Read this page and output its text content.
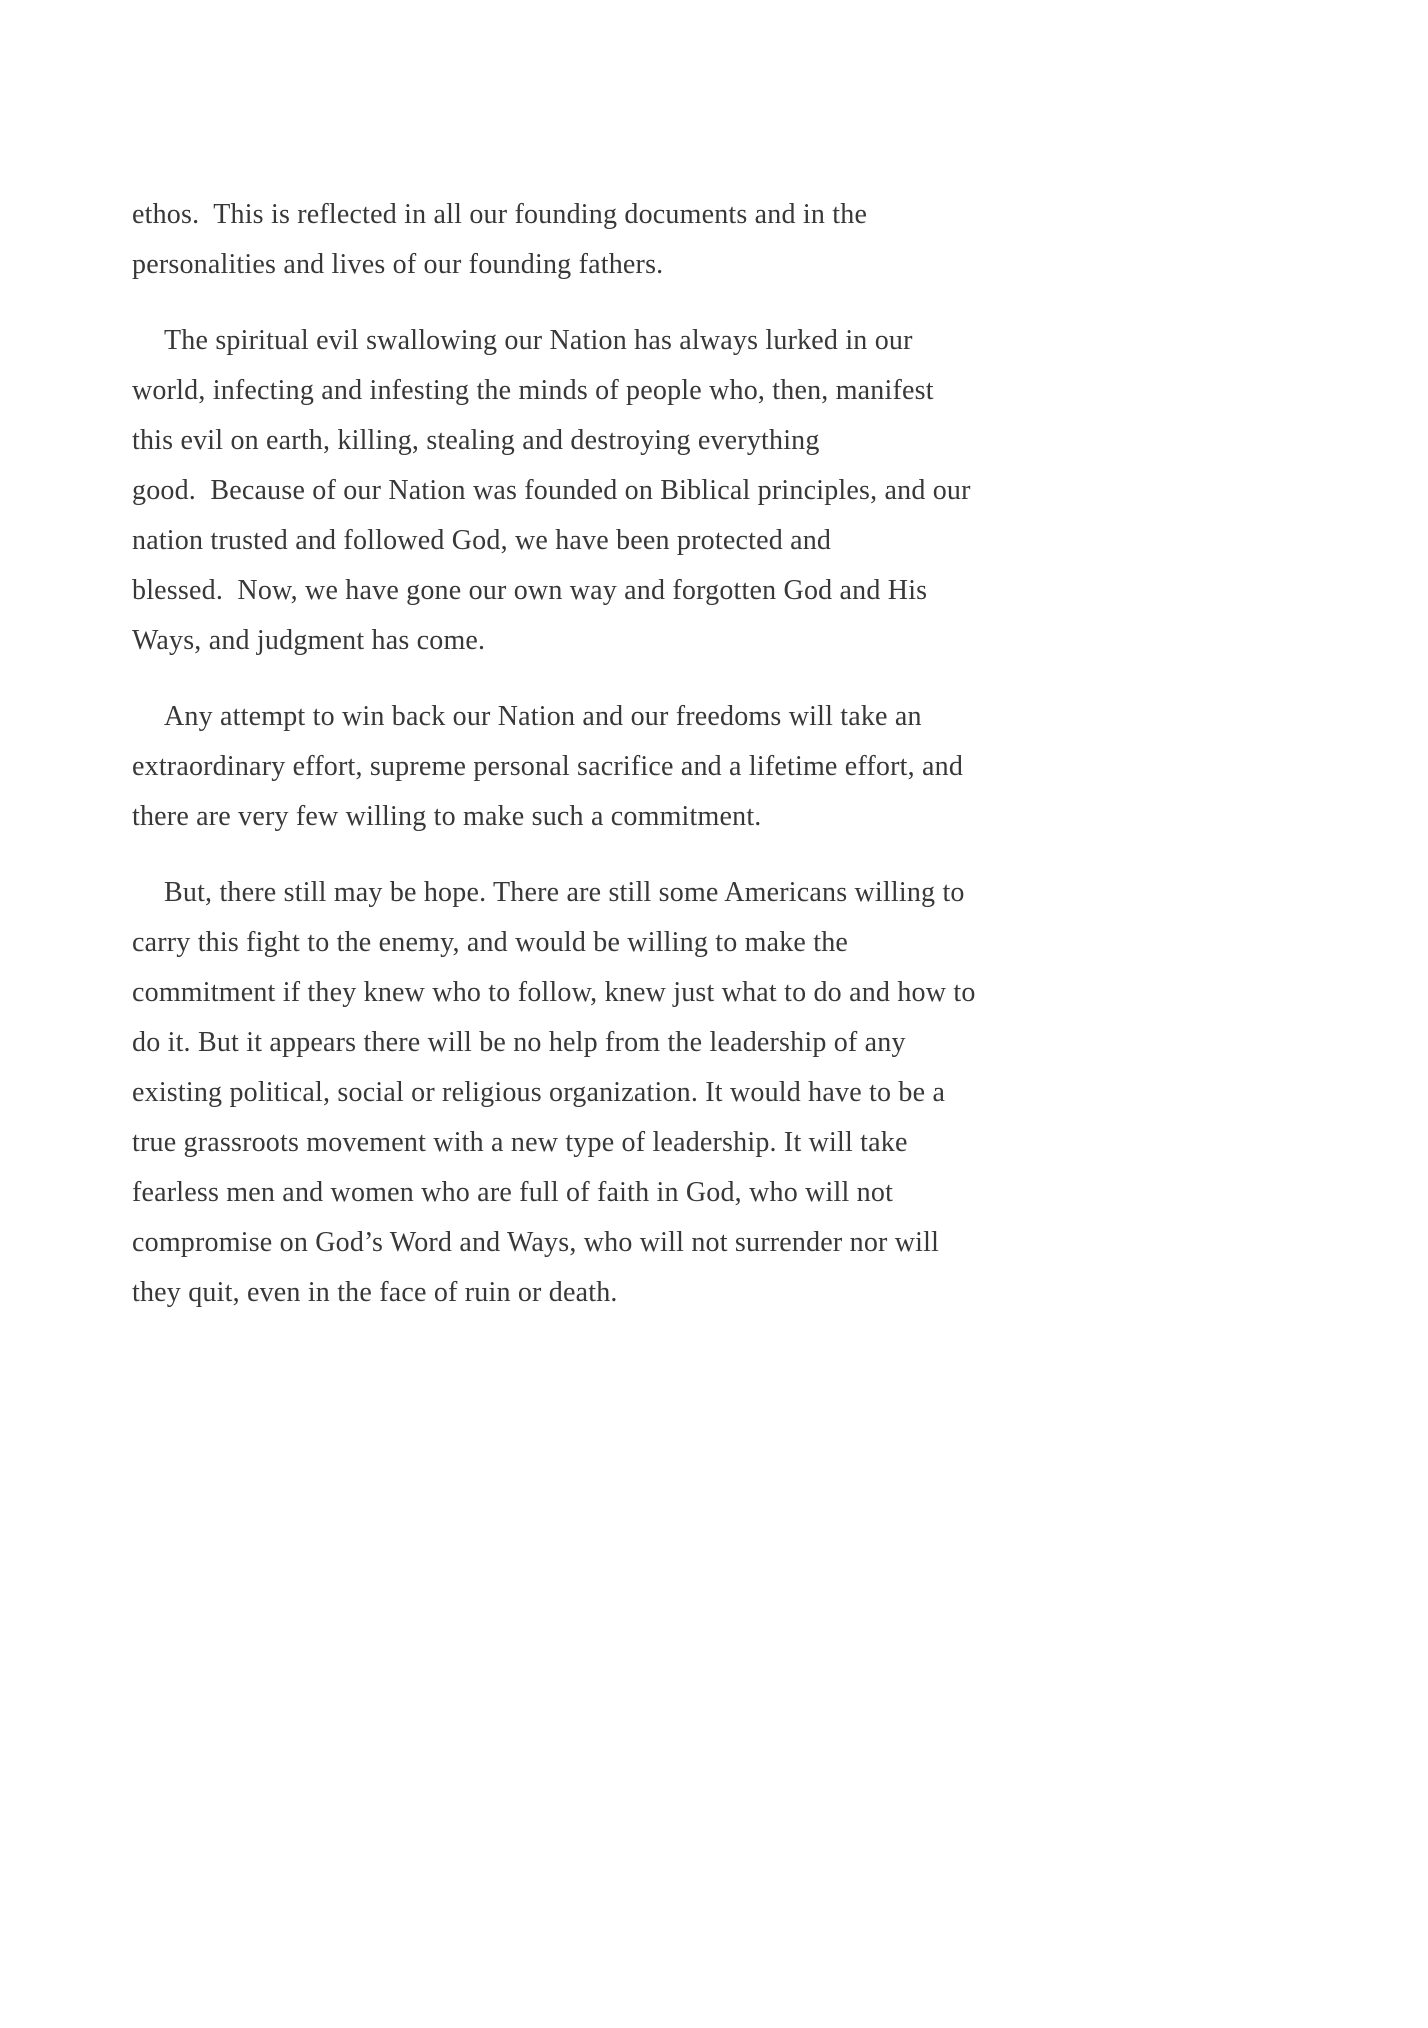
ethos.  This is reflected in all our founding documents and in the
personalities and lives of our founding fathers.

The spiritual evil swallowing our Nation has always lurked in our
world, infecting and infesting the minds of people who, then, manifest
this evil on earth, killing, stealing and destroying everything
good.  Because of our Nation was founded on Biblical principles, and our
nation trusted and followed God, we have been protected and
blessed.  Now, we have gone our own way and forgotten God and His
Ways, and judgment has come.

Any attempt to win back our Nation and our freedoms will take an
extraordinary effort, supreme personal sacrifice and a lifetime effort, and
there are very few willing to make such a commitment.

But, there still may be hope. There are still some Americans willing to
carry this fight to the enemy, and would be willing to make the
commitment if they knew who to follow, knew just what to do and how to
do it. But it appears there will be no help from the leadership of any
existing political, social or religious organization. It would have to be a
true grassroots movement with a new type of leadership. It will take
fearless men and women who are full of faith in God, who will not
compromise on God’s Word and Ways, who will not surrender nor will
they quit, even in the face of ruin or death.
